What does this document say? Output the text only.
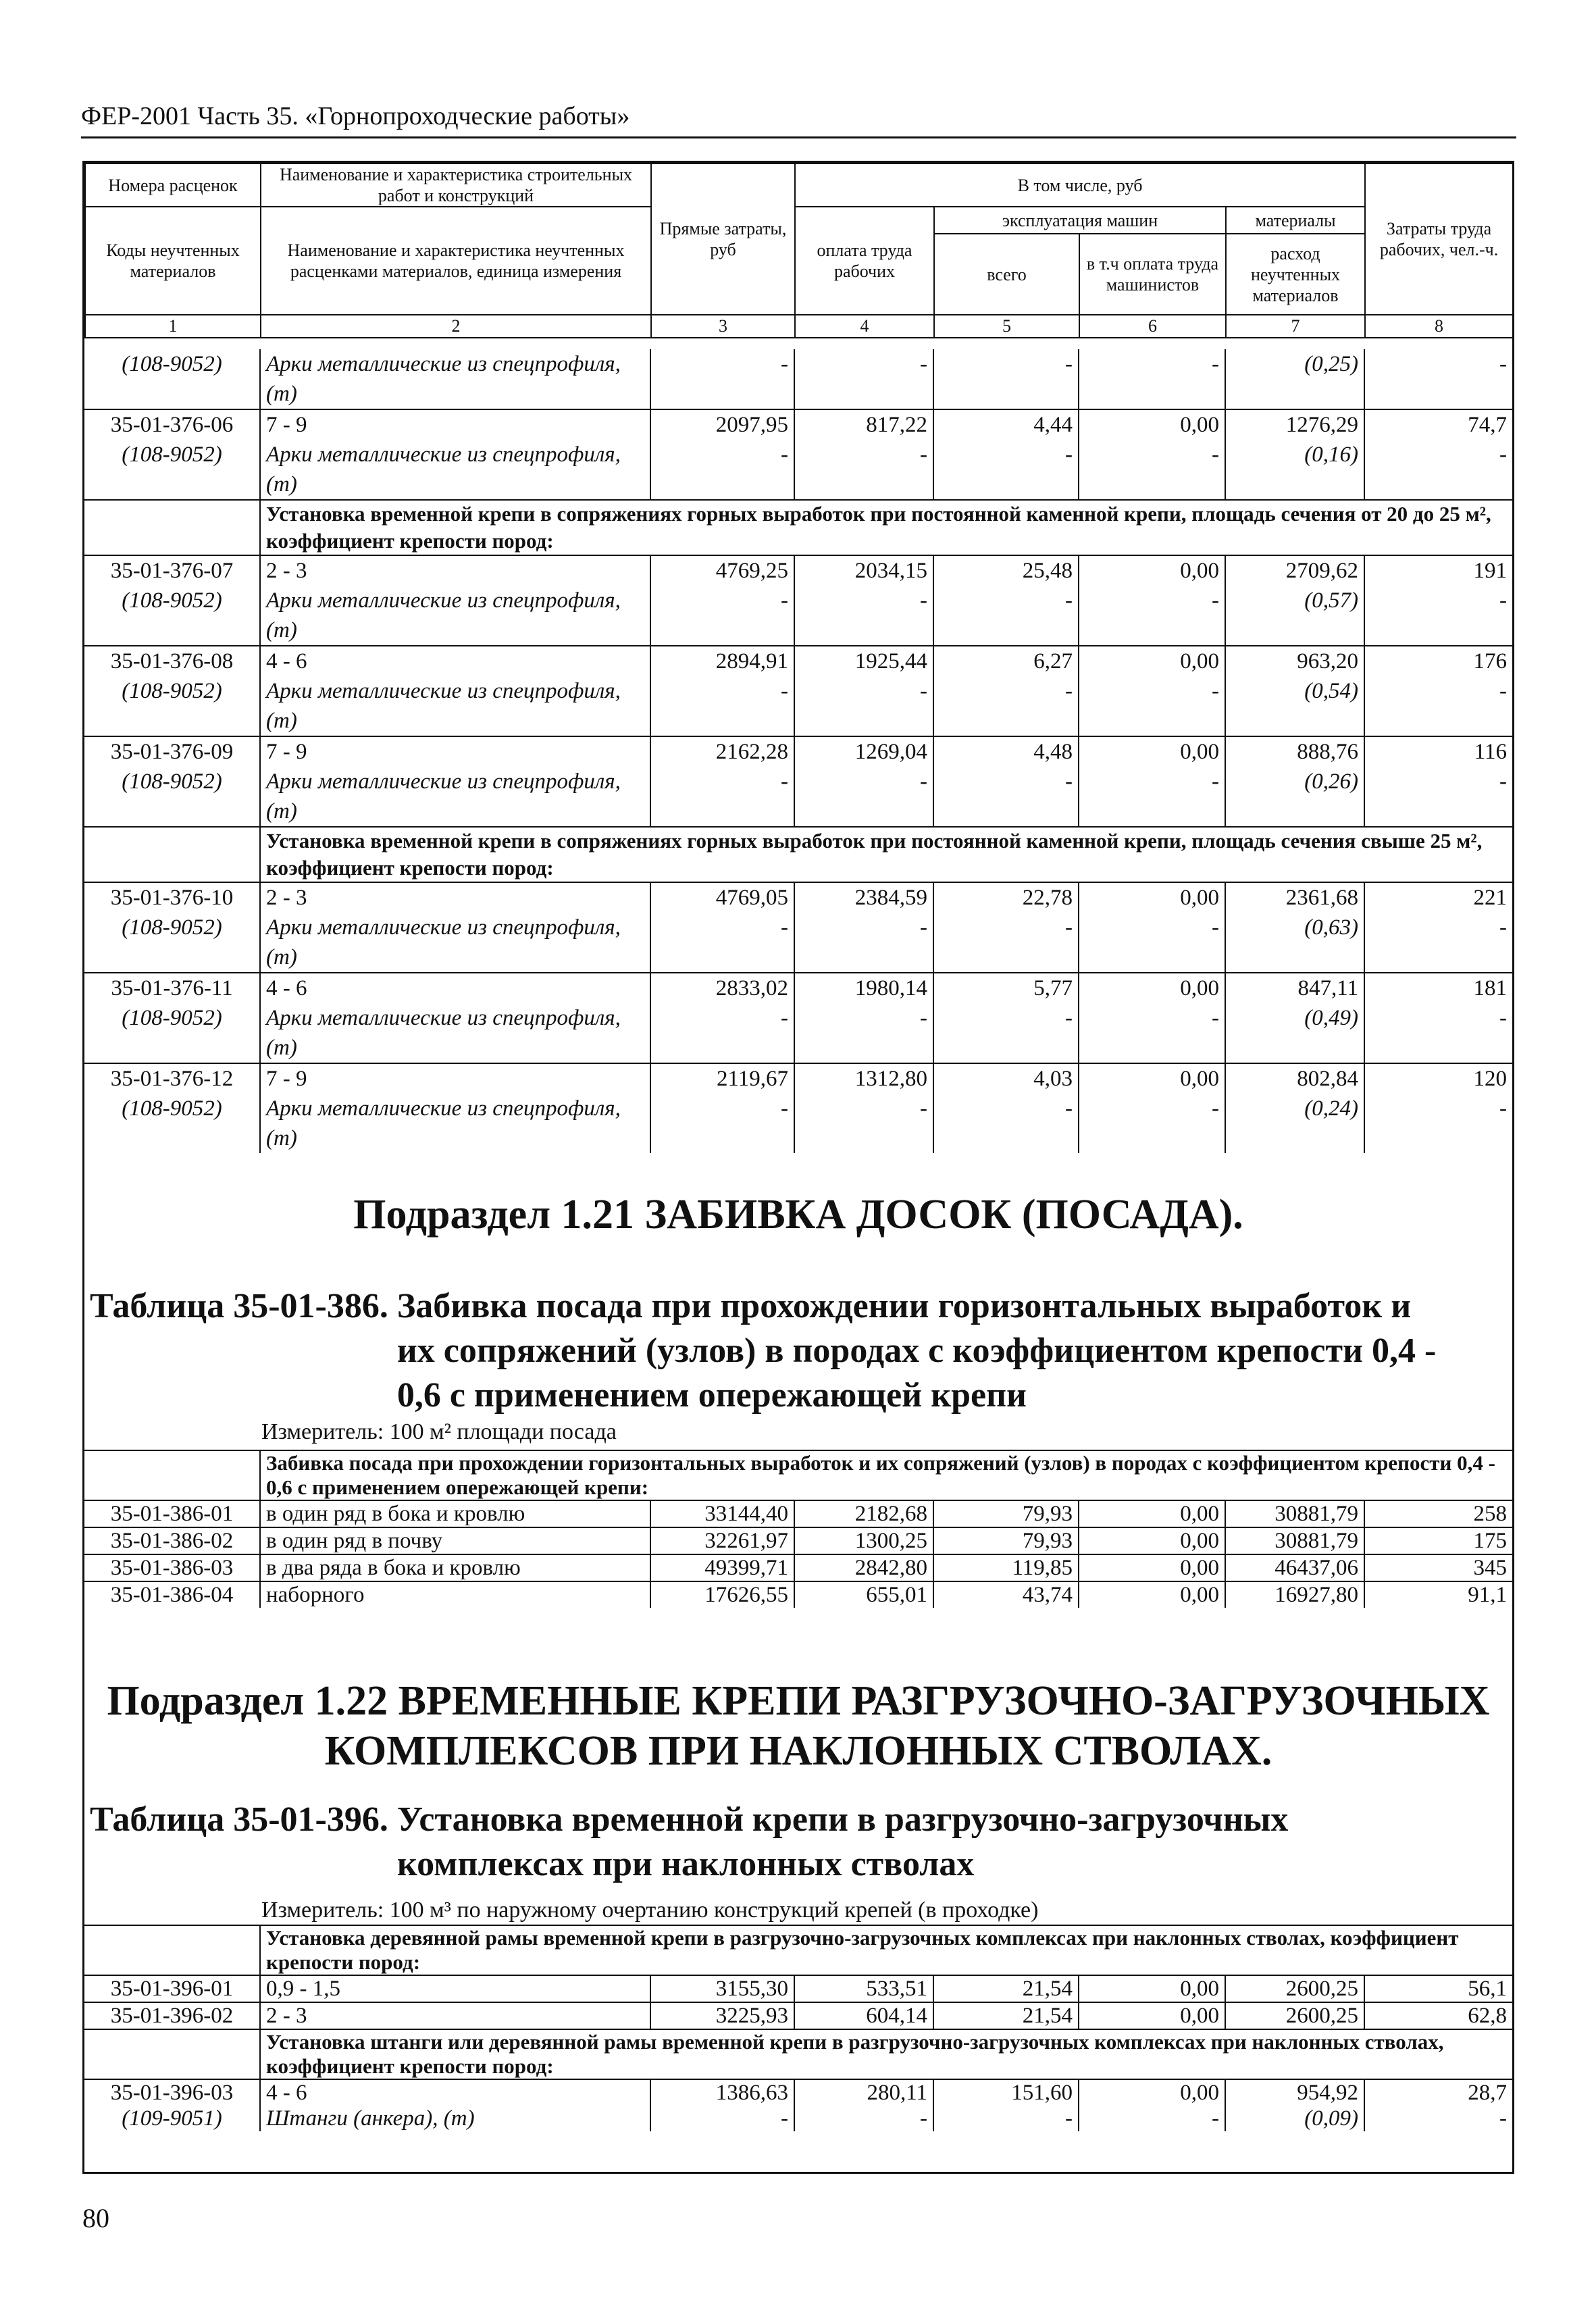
ФЕР-2001 Часть 35. «Горнопроходческие работы»
Номера расценок	Наименование и характеристика строительных работ и конструкций	Прямые затраты, руб	В том числе, руб				Затраты труда рабочих, чел.-ч.
Коды неучтенных материалов	Наименование и характеристика неучтенных расценками материалов, единица измерения		оплата труда рабочих	эксплуатация машин		материалы	
				всего	в т.ч оплата труда машинистов	расход неучтенных материалов	
1	2	3	4	5	6	7	8
(108-9052)	Арки металлические из спецпрофиля, (т)	-	-	-	-	(0,25)	-
35-01-376-06	7 - 9	2097,95	817,22	4,44	0,00	1276,29	74,7
(108-9052)	Арки металлические из спецпрофиля, (т)	-	-	-	-	(0,16)	-
	Установка временной крепи в сопряжениях горных выработок при постоянной каменной крепи, площадь сечения от 20 до 25 м², коэффициент крепости пород:						
35-01-376-07	2 - 3	4769,25	2034,15	25,48	0,00	2709,62	191
(108-9052)	Арки металлические из спецпрофиля, (т)	-	-	-	-	(0,57)	-
35-01-376-08	4 - 6	2894,91	1925,44	6,27	0,00	963,20	176
(108-9052)	Арки металлические из спецпрофиля, (т)	-	-	-	-	(0,54)	-
35-01-376-09	7 - 9	2162,28	1269,04	4,48	0,00	888,76	116
(108-9052)	Арки металлические из спецпрофиля, (т)	-	-	-	-	(0,26)	-
	Установка временной крепи в сопряжениях горных выработок при постоянной каменной крепи, площадь сечения свыше 25 м², коэффициент крепости пород:						
35-01-376-10	2 - 3	4769,05	2384,59	22,78	0,00	2361,68	221
(108-9052)	Арки металлические из спецпрофиля, (т)	-	-	-	-	(0,63)	-
35-01-376-11	4 - 6	2833,02	1980,14	5,77	0,00	847,11	181
(108-9052)	Арки металлические из спецпрофиля, (т)	-	-	-	-	(0,49)	-
35-01-376-12	7 - 9	2119,67	1312,80	4,03	0,00	802,84	120
(108-9052)	Арки металлические из спецпрофиля, (т)	-	-	-	-	(0,24)	-
Подраздел 1.21 ЗАБИВКА ДОСОК (ПОСАДА).
Таблица 35-01-386. Забивка посада при прохождении горизонтальных выработок и их сопряжений (узлов) в породах с коэффициентом крепости 0,4 - 0,6 с применением опережающей крепи
Измеритель: 100 м² площади посада
	Забивка посада при прохождении горизонтальных выработок и их сопряжений (узлов) в породах с коэффициентом крепости 0,4 - 0,6 с применением опережающей крепи:						
35-01-386-01	в один ряд в бока и кровлю	33144,40	2182,68	79,93	0,00	30881,79	258
35-01-386-02	в один ряд в почву	32261,97	1300,25	79,93	0,00	30881,79	175
35-01-386-03	в два ряда в бока и кровлю	49399,71	2842,80	119,85	0,00	46437,06	345
35-01-386-04	наборного	17626,55	655,01	43,74	0,00	16927,80	91,1
Подраздел 1.22 ВРЕМЕННЫЕ КРЕПИ РАЗГРУЗОЧНО-ЗАГРУЗОЧНЫХ КОМПЛЕКСОВ ПРИ НАКЛОННЫХ СТВОЛАХ.
Таблица 35-01-396. Установка временной крепи в разгрузочно-загрузочных комплексах при наклонных стволах
Измеритель: 100 м³ по наружному очертанию конструкций крепей (в проходке)
	Установка деревянной рамы временной крепи в разгрузочно-загрузочных комплексах при наклонных стволах, коэффициент крепости пород:						
35-01-396-01	0,9 - 1,5	3155,30	533,51	21,54	0,00	2600,25	56,1
35-01-396-02	2 - 3	3225,93	604,14	21,54	0,00	2600,25	62,8
	Установка штанги или деревянной рамы временной крепи в разгрузочно-загрузочных комплексах при наклонных стволах, коэффициент крепости пород:						
35-01-396-03	4 - 6	1386,63	280,11	151,60	0,00	954,92	28,7
(109-9051)	Штанги (анкера), (т)	-	-	-	-	(0,09)	-
80
